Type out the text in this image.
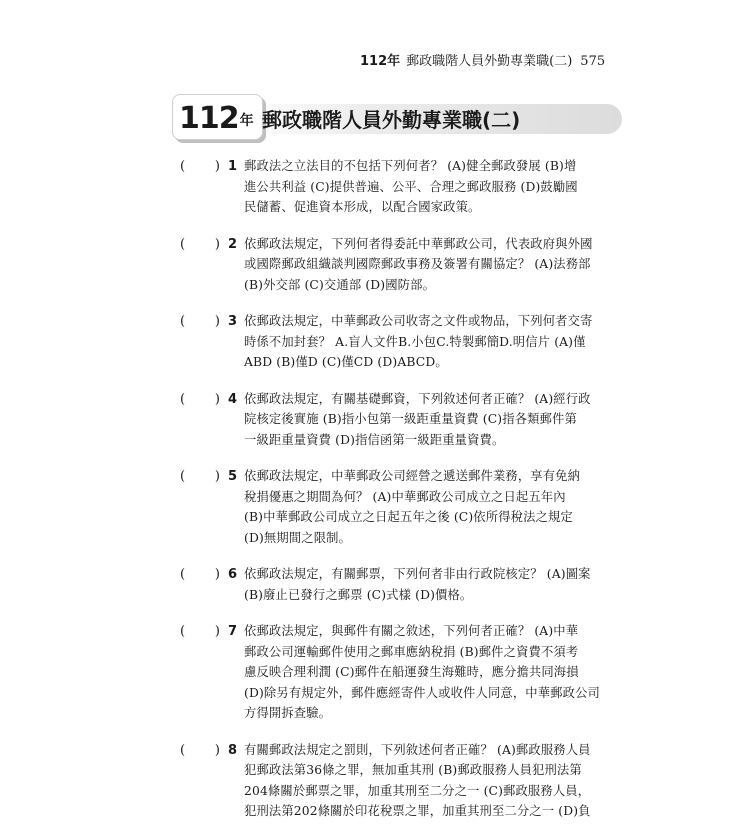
112年 郵政職階人員外勤專業職(二) 575
112 年 郵政職階人員外勤專業職(二)
( ) 1 郵政法之立法目的不包括下列何者？ (A)健全郵政發展 (B)增
進公共利益 (C)提供普遍、公平、合理之郵政服務 (D)鼓勵國
民儲蓄、促進資本形成，以配合國家政策。
( ) 2 依郵政法規定，下列何者得委託中華郵政公司，代表政府與外國
或國際郵政組織談判國際郵政事務及簽署有關協定？ (A)法務部
(B)外交部 (C)交通部 (D)國防部。
( ) 3 依郵政法規定，中華郵政公司收寄之文件或物品，下列何者交寄
時係不加封套？ A.盲人文件B.小包C.特製郵簡D.明信片 (A)僅
ABD (B)僅D (C)僅CD (D)ABCD。
( ) 4 依郵政法規定，有關基礎郵資，下列敘述何者正確？ (A)經行政
院核定後實施 (B)指小包第一級距重量資費 (C)指各類郵件第
一級距重量資費 (D)指信函第一級距重量資費。
( ) 5 依郵政法規定，中華郵政公司經營之遞送郵件業務，享有免納
稅捐優惠之期間為何？ (A)中華郵政公司成立之日起五年內
(B)中華郵政公司成立之日起五年之後 (C)依所得稅法之規定
(D)無期間之限制。
( ) 6 依郵政法規定，有關郵票，下列何者非由行政院核定？ (A)圖案
(B)廢止已發行之郵票 (C)式樣 (D)價格。
( ) 7 依郵政法規定，與郵件有關之敘述，下列何者正確？ (A)中華
郵政公司運輸郵件使用之郵車應納稅捐 (B)郵件之資費不須考
慮反映合理利潤 (C)郵件在船運發生海難時，應分擔共同海損
(D)除另有規定外，郵件應經寄件人或收件人同意，中華郵政公司
方得開拆查驗。
( ) 8 有關郵政法規定之罰則，下列敘述何者正確？ (A)郵政服務人員
犯郵政法第36條之罪，無加重其刑 (B)郵政服務人員犯刑法第
204條關於郵票之罪，加重其刑至二分之一 (C)郵政服務人員，
犯刑法第202條關於印花稅票之罪，加重其刑至二分之一 (D)負
